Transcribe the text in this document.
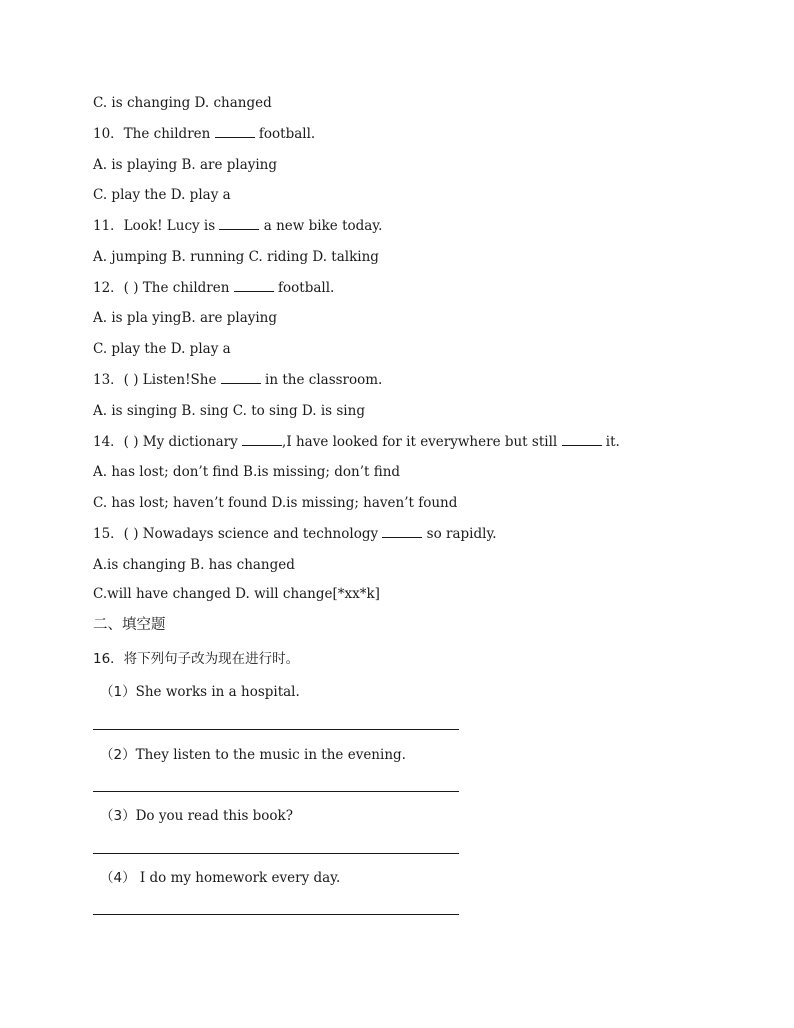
C. is changing D. changed
10．The children	football.
A. is playing B. are playing
C. play the D. play a
11．Look! Lucy is	a new bike today.
A. jumping B. running C. riding D. talking
12．( ) The children	football.
A. is pla yingB. are playing
C. play the D. play a
13．( ) Listen!She	in the classroom.
A. is singing B. sing C. to sing D. is sing
14．( ) My dictionary	,I have looked for it everywhere but still	it.
A. has lost; don’t find B.is missing; don’t find
C. has lost; haven’t found D.is missing; haven’t found
15．( ) Nowadays science and technology	so rapidly.
A.is changing B. has changed
C.will have changed D. will change[*xx*k]
二、填空题
16．将下列句子改为现在进行时。
（1）She works in a hospital.
（2）They listen to the music in the evening.
（3）Do you read this book?
（4） I do my homework every day.
